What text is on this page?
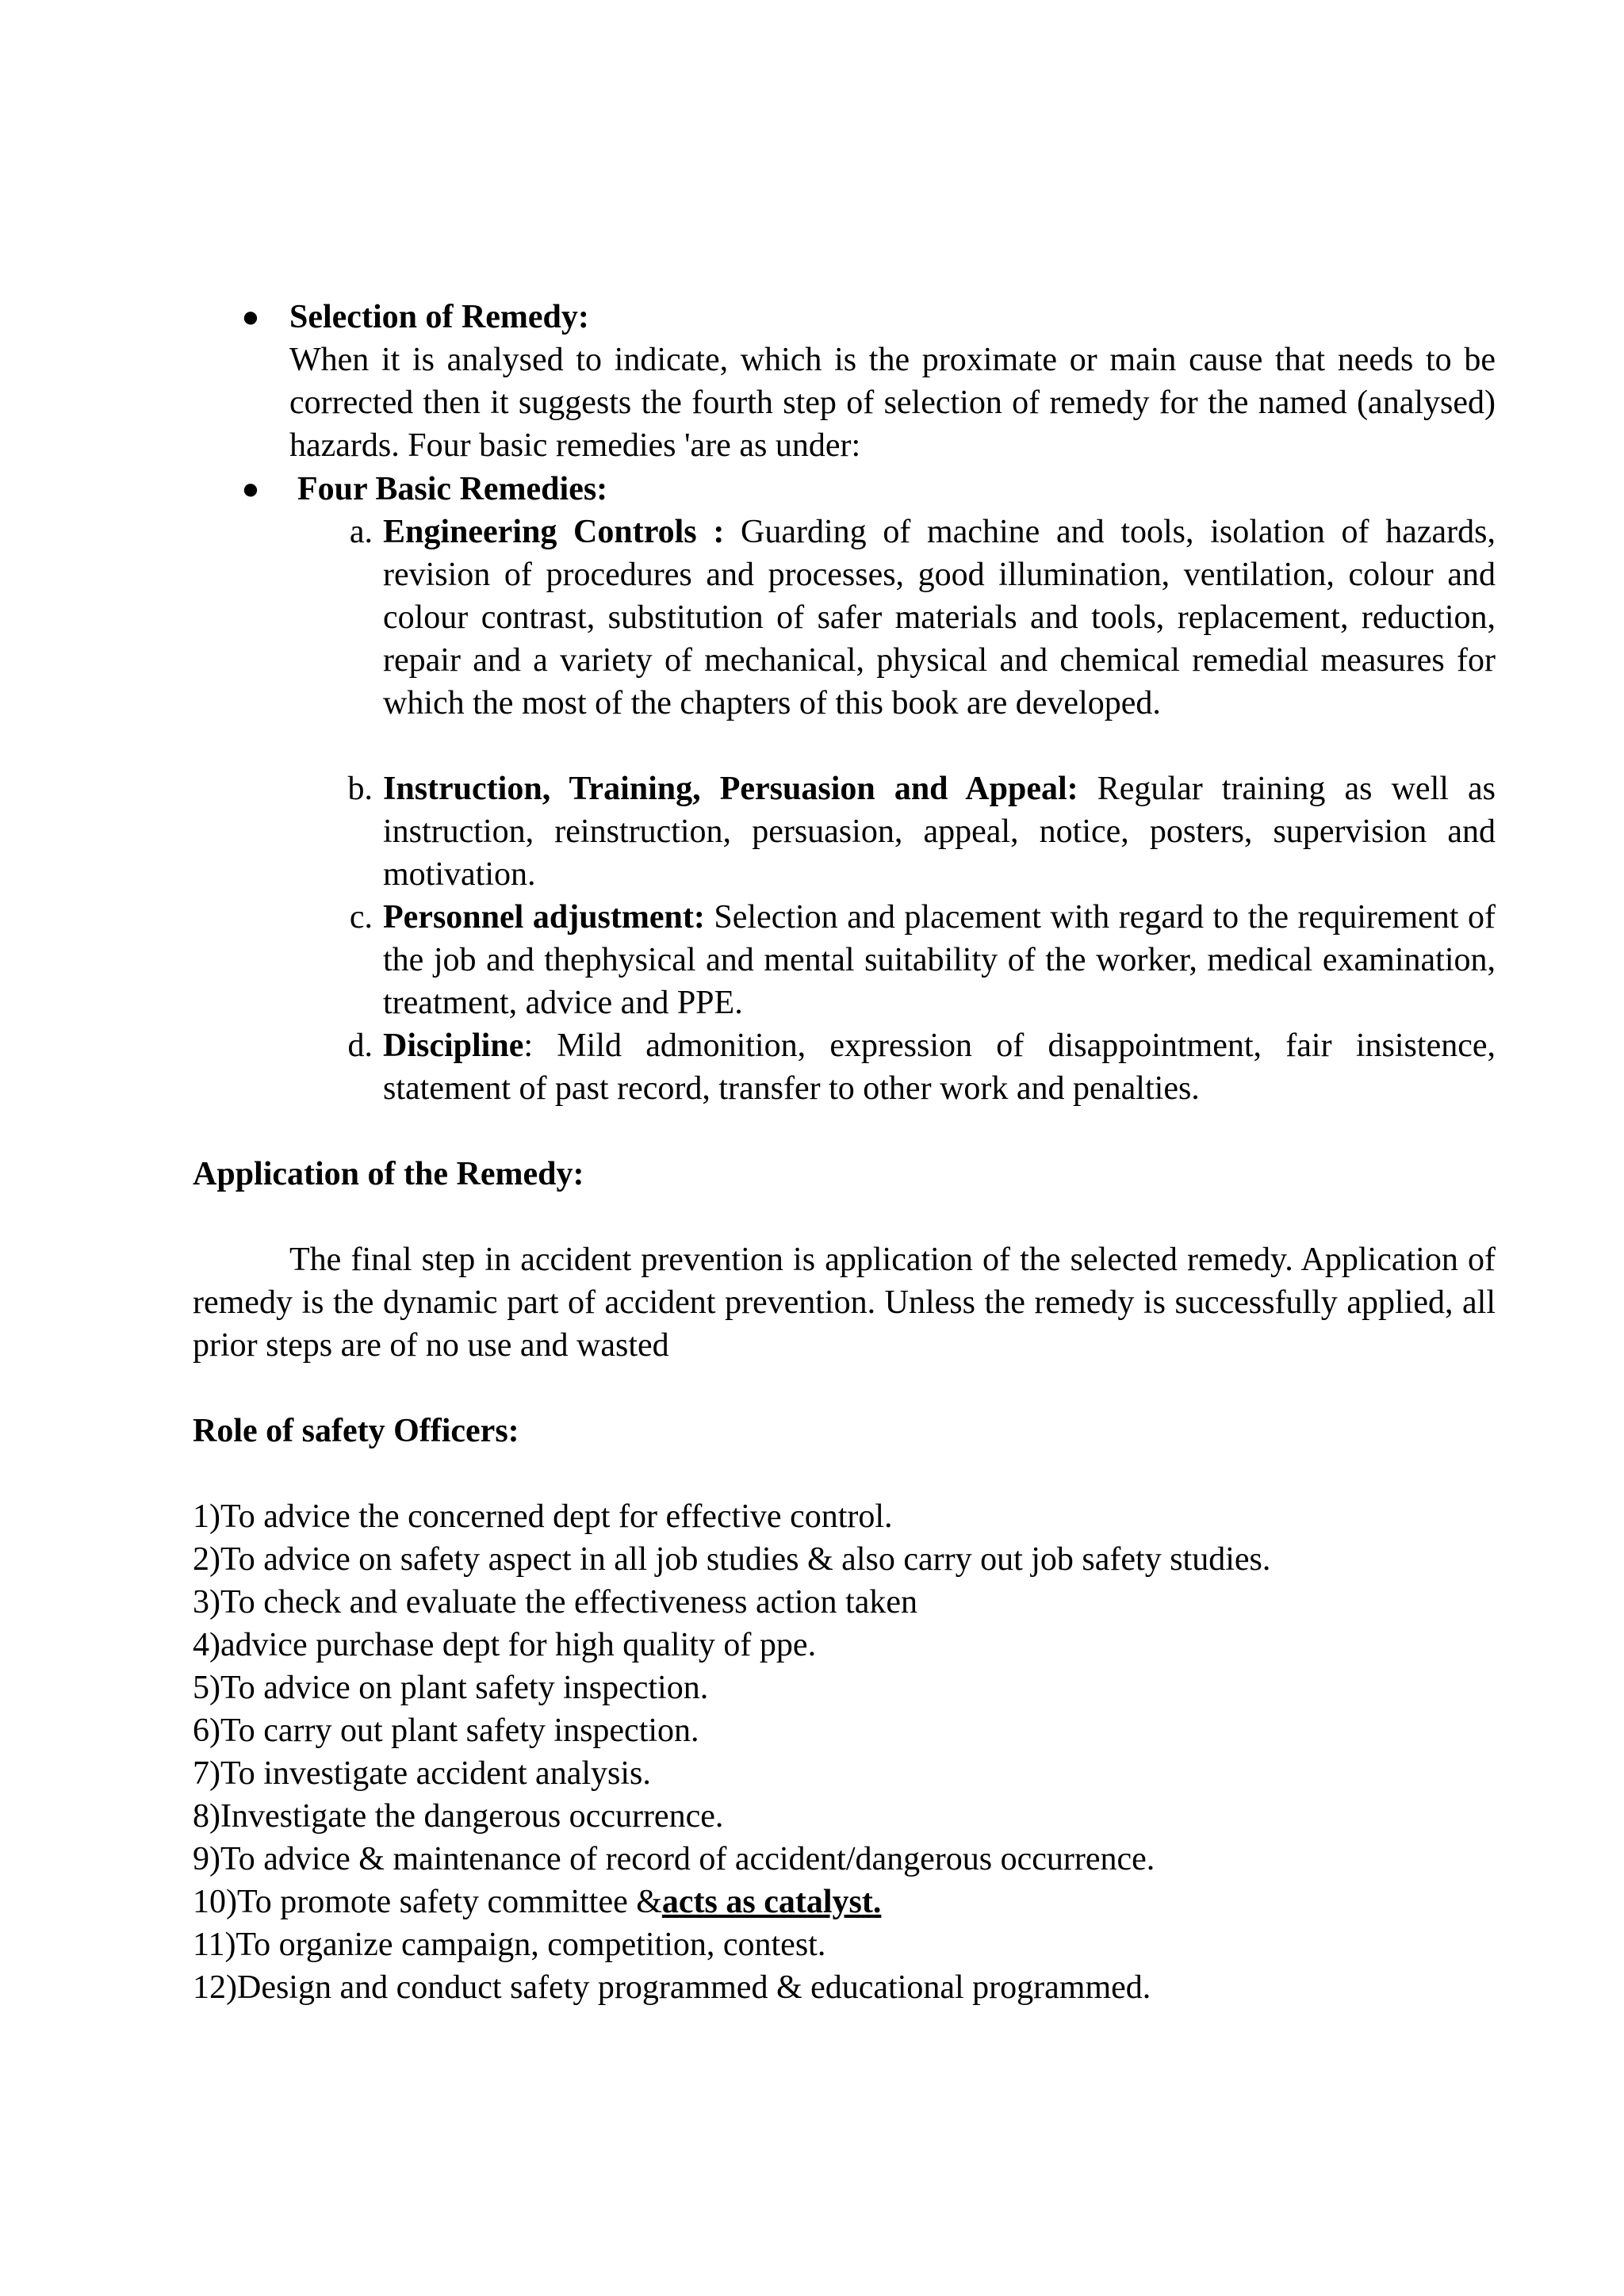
● Selection of Remedy:

When it is analysed to indicate, which is the proximate or main cause that needs to be corrected then it suggests the fourth step of selection of remedy for the named (analysed) hazards. Four basic remedies 'are as under:

● Four Basic Remedies:
a. Engineering Controls : Guarding of machine and tools, isolation of hazards, revision of procedures and processes, good illumination, ventilation, colour and colour contrast, substitution of safer materials and tools, replacement, reduction, repair and a variety of mechanical, physical and chemical remedial measures for which the most of the chapters of this book are developed.
b. Instruction, Training, Persuasion and Appeal: Regular training as well as instruction, reinstruction, persuasion, appeal, notice, posters, supervision and motivation.
c. Personnel adjustment: Selection and placement with regard to the requirement of the job and thephysical and mental suitability of the worker, medical examination, treatment, advice and PPE.
d. Discipline: Mild admonition, expression of disappointment, fair insistence, statement of past record, transfer to other work and penalties.
Application of the Remedy:
The final step in accident prevention is application of the selected remedy. Application of remedy is the dynamic part of accident prevention. Unless the remedy is successfully applied, all prior steps are of no use and wasted
Role of safety Officers:
1)To advice the concerned dept for effective control.
2)To advice on safety aspect in all job studies & also carry out job safety studies.
3)To check and evaluate the effectiveness action taken
4)advice purchase dept for high quality of ppe.
5)To advice on plant safety inspection.
6)To carry out plant safety inspection.
7)To investigate accident analysis.
8)Investigate the dangerous occurrence.
9)To advice & maintenance of record of accident/dangerous occurrence.
10)To promote safety committee &acts as catalyst.
11)To organize campaign, competition, contest.
12)Design and conduct safety programmed & educational programmed.
